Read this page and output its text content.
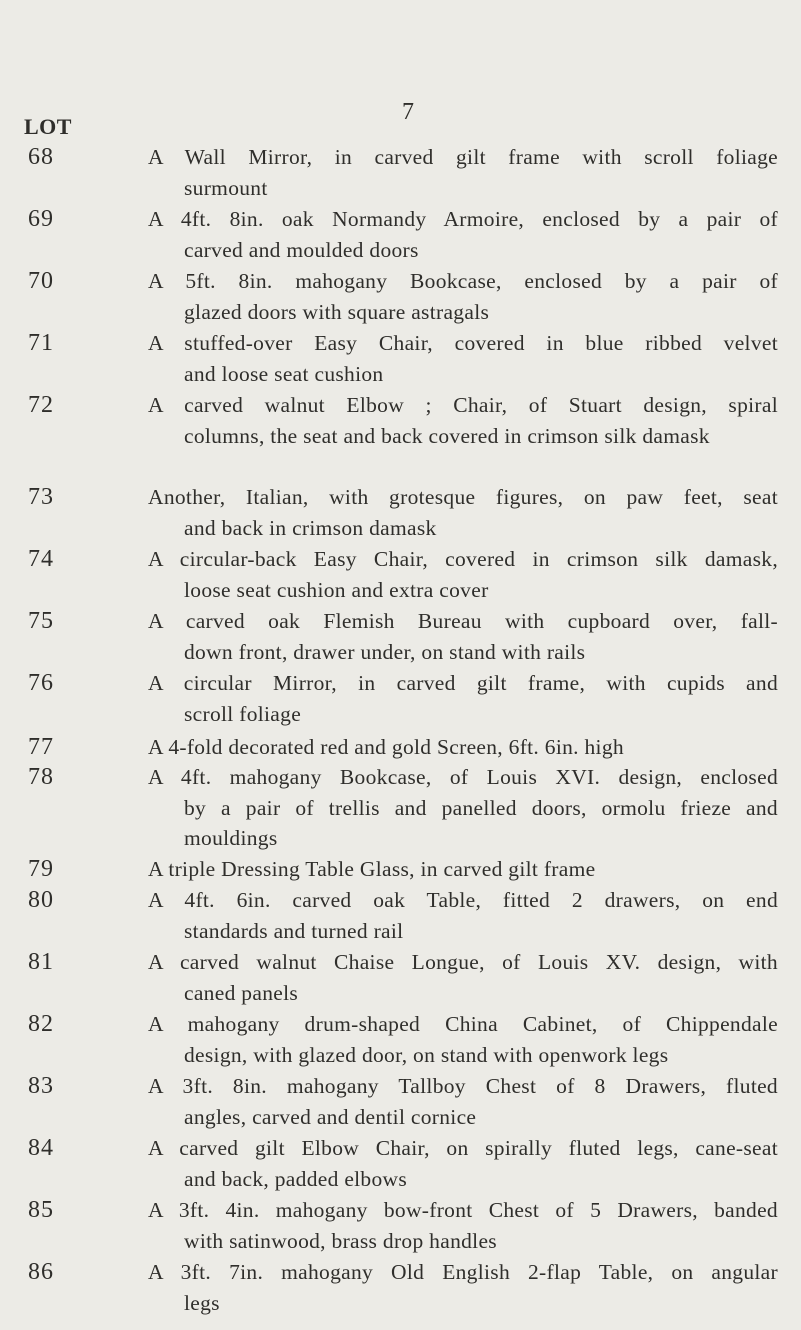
7
LOT
68	A Wall Mirror, in carved gilt frame with scroll foliage
surmount
69	A 4ft. 8in. oak Normandy Armoire, enclosed by a pair of
carved and moulded doors
70	A 5ft. 8in. mahogany Bookcase, enclosed by a pair of
glazed doors with square astragals
71	A stuffed-over Easy Chair, covered in blue ribbed velvet
and loose seat cushion
72	A carved walnut Elbow ; Chair, of Stuart design, spiral
columns, the seat and back covered in crimson silk damask
73	Another, Italian, with grotesque figures, on paw feet, seat
and back in crimson damask
74	A circular-back Easy Chair, covered in crimson silk damask,
loose seat cushion and extra cover
75	A carved oak Flemish Bureau with cupboard over, fall-
down front, drawer under, on stand with rails
76	A circular Mirror, in carved gilt frame, with cupids and
scroll foliage
77	A 4-fold decorated red and gold Screen, 6ft. 6in. high
78	A 4ft. mahogany Bookcase, of Louis XVI. design, enclosed
by a pair of trellis and panelled doors, ormolu frieze and mouldings
79	A triple Dressing Table Glass, in carved gilt frame
80	A 4ft. 6in. carved oak Table, fitted 2 drawers, on end
standards and turned rail
81	A carved walnut Chaise Longue, of Louis XV. design, with
caned panels
82	A mahogany drum-shaped China Cabinet, of Chippendale
design, with glazed door, on stand with openwork legs
83	A 3ft. 8in. mahogany Tallboy Chest of 8 Drawers, fluted
angles, carved and dentil cornice
84	A carved gilt Elbow Chair, on spirally fluted legs, cane-seat
and back, padded elbows
85	A 3ft. 4in. mahogany bow-front Chest of 5 Drawers, banded
with satinwood, brass drop handles
86	A 3ft. 7in. mahogany Old English 2-flap Table, on angular
legs
